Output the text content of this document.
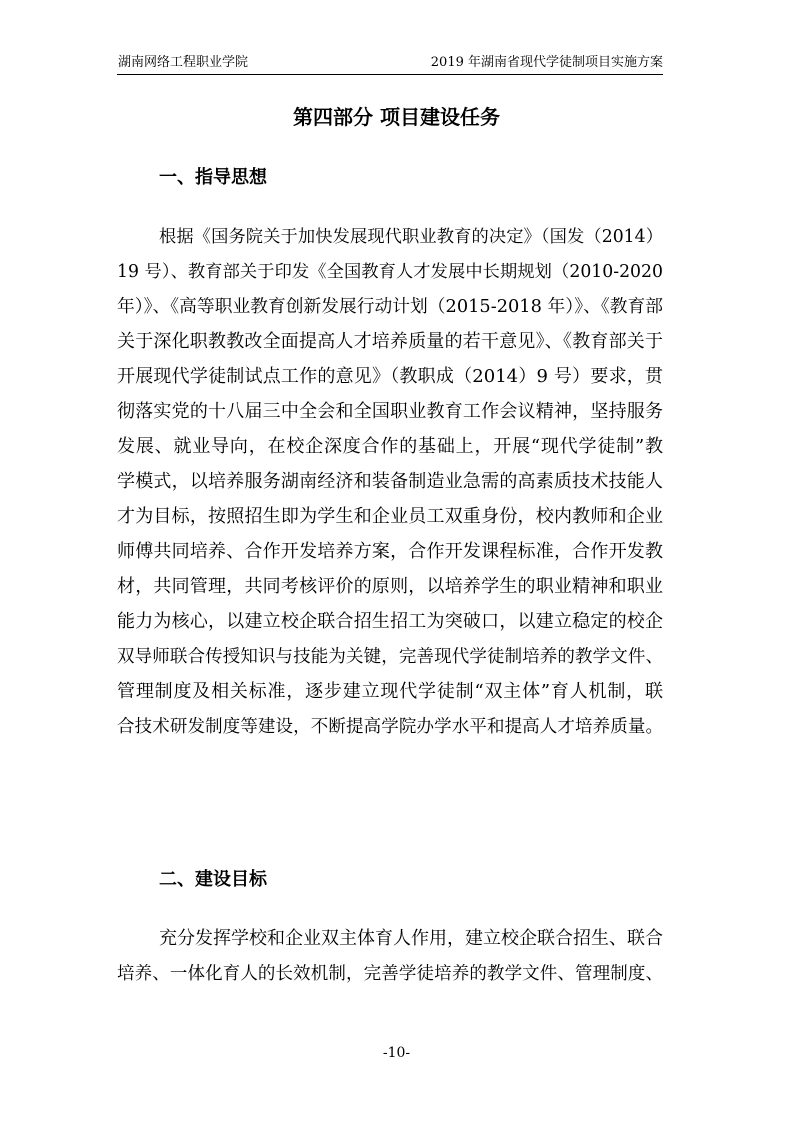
湖南网络工程职业学院	2019 年湖南省现代学徒制项目实施方案
第四部分 项目建设任务
一、指导思想
根据《国务院关于加快发展现代职业教育的决定》（国发（2014）
19 号）、教育部关于印发《全国教育人才发展中长期规划（2010-2020
年）》、《高等职业教育创新发展行动计划（2015-2018 年）》、《教育部
关于深化职教教改全面提高人才培养质量的若干意见》、《教育部关于
开展现代学徒制试点工作的意见》（教职成（2014）9 号）要求，贯
彻落实党的十八届三中全会和全国职业教育工作会议精神，坚持服务
发展、就业导向，在校企深度合作的基础上，开展“现代学徒制”教
学模式，以培养服务湖南经济和装备制造业急需的高素质技术技能人
才为目标，按照招生即为学生和企业员工双重身份，校内教师和企业
师傅共同培养、合作开发培养方案，合作开发课程标准，合作开发教
材，共同管理，共同考核评价的原则，以培养学生的职业精神和职业
能力为核心，以建立校企联合招生招工为突破口，以建立稳定的校企
双导师联合传授知识与技能为关键，完善现代学徒制培养的教学文件、
管理制度及相关标准，逐步建立现代学徒制“双主体”育人机制，联
合技术研发制度等建设，不断提高学院办学水平和提高人才培养质量。
二、建设目标
充分发挥学校和企业双主体育人作用，建立校企联合招生、联合
培养、一体化育人的长效机制，完善学徒培养的教学文件、管理制度、
-10-
